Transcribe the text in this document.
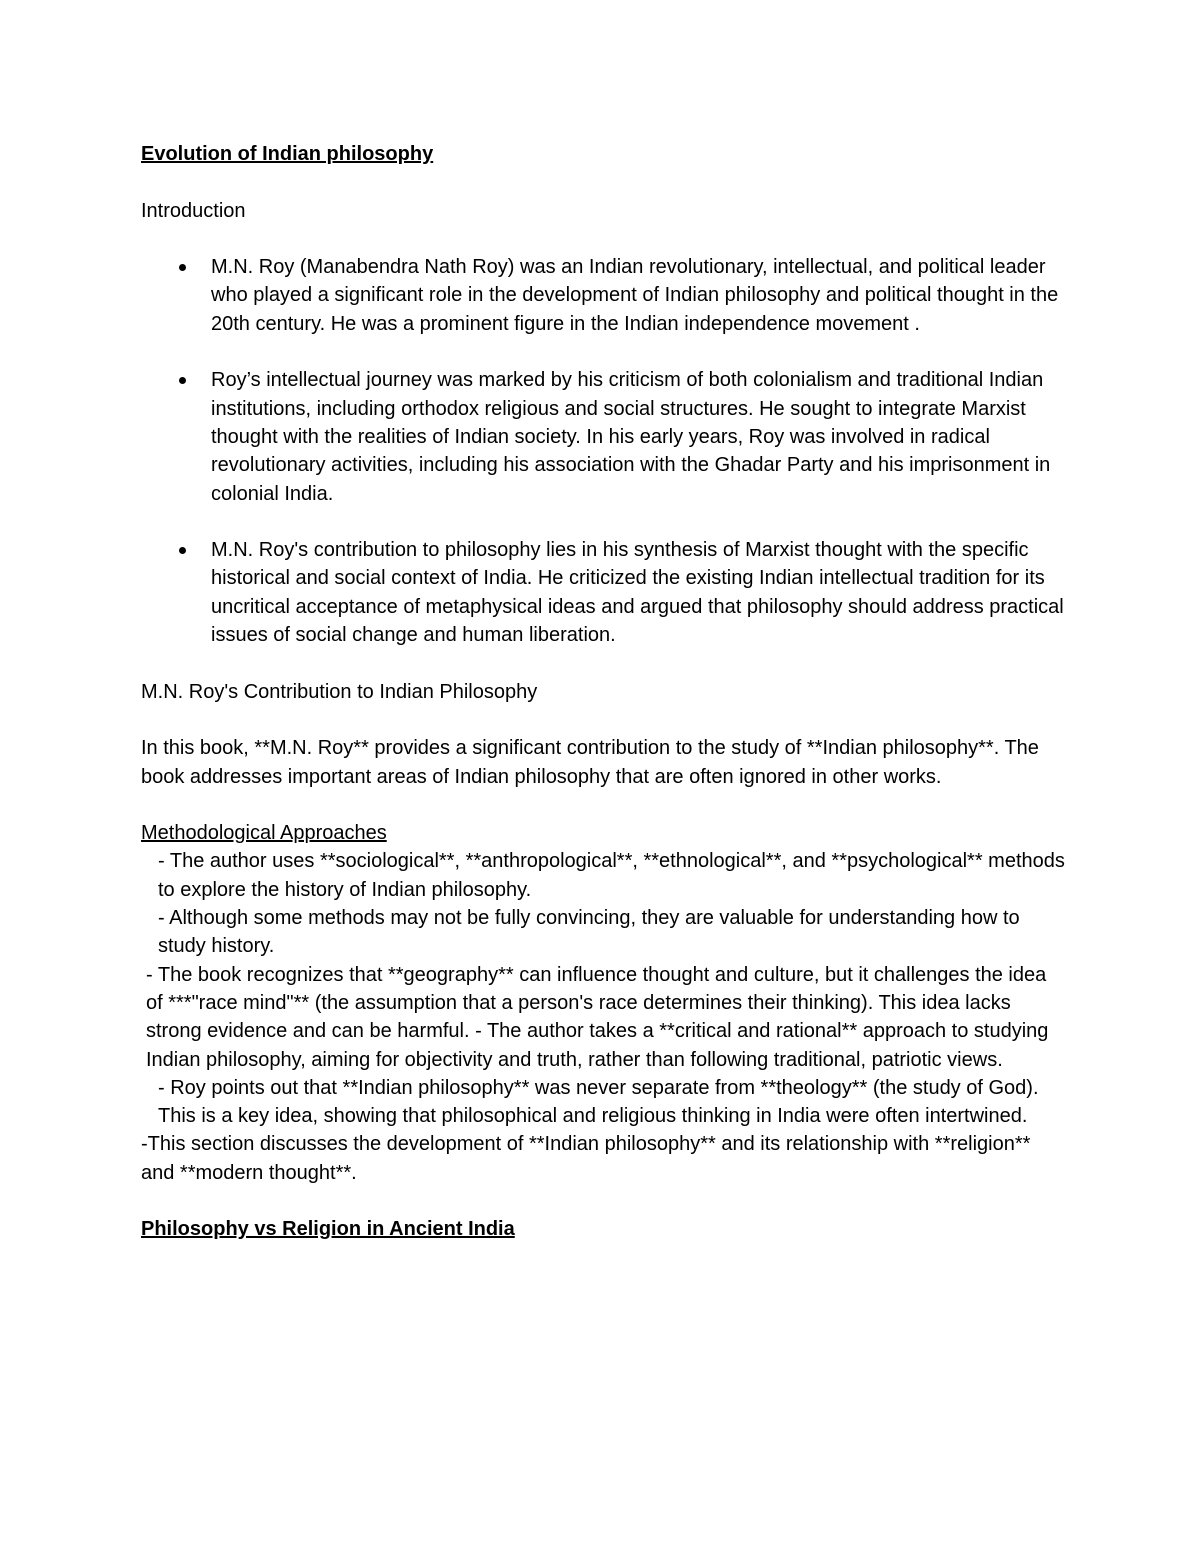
Evolution of Indian philosophy

Introduction

M.N. Roy (Manabendra Nath Roy) was an Indian revolutionary, intellectual, and political leader who played a significant role in the development of Indian philosophy and political thought in the 20th century. He was a prominent figure in the Indian independence movement .
Roy’s intellectual journey was marked by his criticism of both colonialism and traditional Indian institutions, including orthodox religious and social structures. He sought to integrate Marxist thought with the realities of Indian society. In his early years, Roy was involved in radical revolutionary activities, including his association with the Ghadar Party and his imprisonment in colonial India.
M.N. Roy's contribution to philosophy lies in his synthesis of Marxist thought with the specific historical and social context of India. He criticized the existing Indian intellectual tradition for its uncritical acceptance of metaphysical ideas and argued that philosophy should address practical issues of social change and human liberation.

M.N. Roy's Contribution to Indian Philosophy

In this book, **M.N. Roy** provides a significant contribution to the study of **Indian philosophy**. The book addresses important areas of Indian philosophy that are often ignored in other works.

Methodological Approaches

- The author uses **sociological**, **anthropological**, **ethnological**, and **psychological** methods to explore the history of Indian philosophy.

- Although some methods may not be fully convincing, they are valuable for understanding how to study history.

- The book recognizes that **geography** can influence thought and culture, but it challenges the idea of ***"race mind"** (the assumption that a person's race determines their thinking). This idea lacks strong evidence and can be harmful. - The author takes a **critical and rational** approach to studying Indian philosophy, aiming for objectivity and truth, rather than following traditional, patriotic views.

- Roy points out that **Indian philosophy** was never separate from **theology** (the study of God). This is a key idea, showing that philosophical and religious thinking in India were often intertwined.

-This section discusses the development of **Indian philosophy** and its relationship with **religion** and **modern thought**.

Philosophy vs Religion in Ancient India
